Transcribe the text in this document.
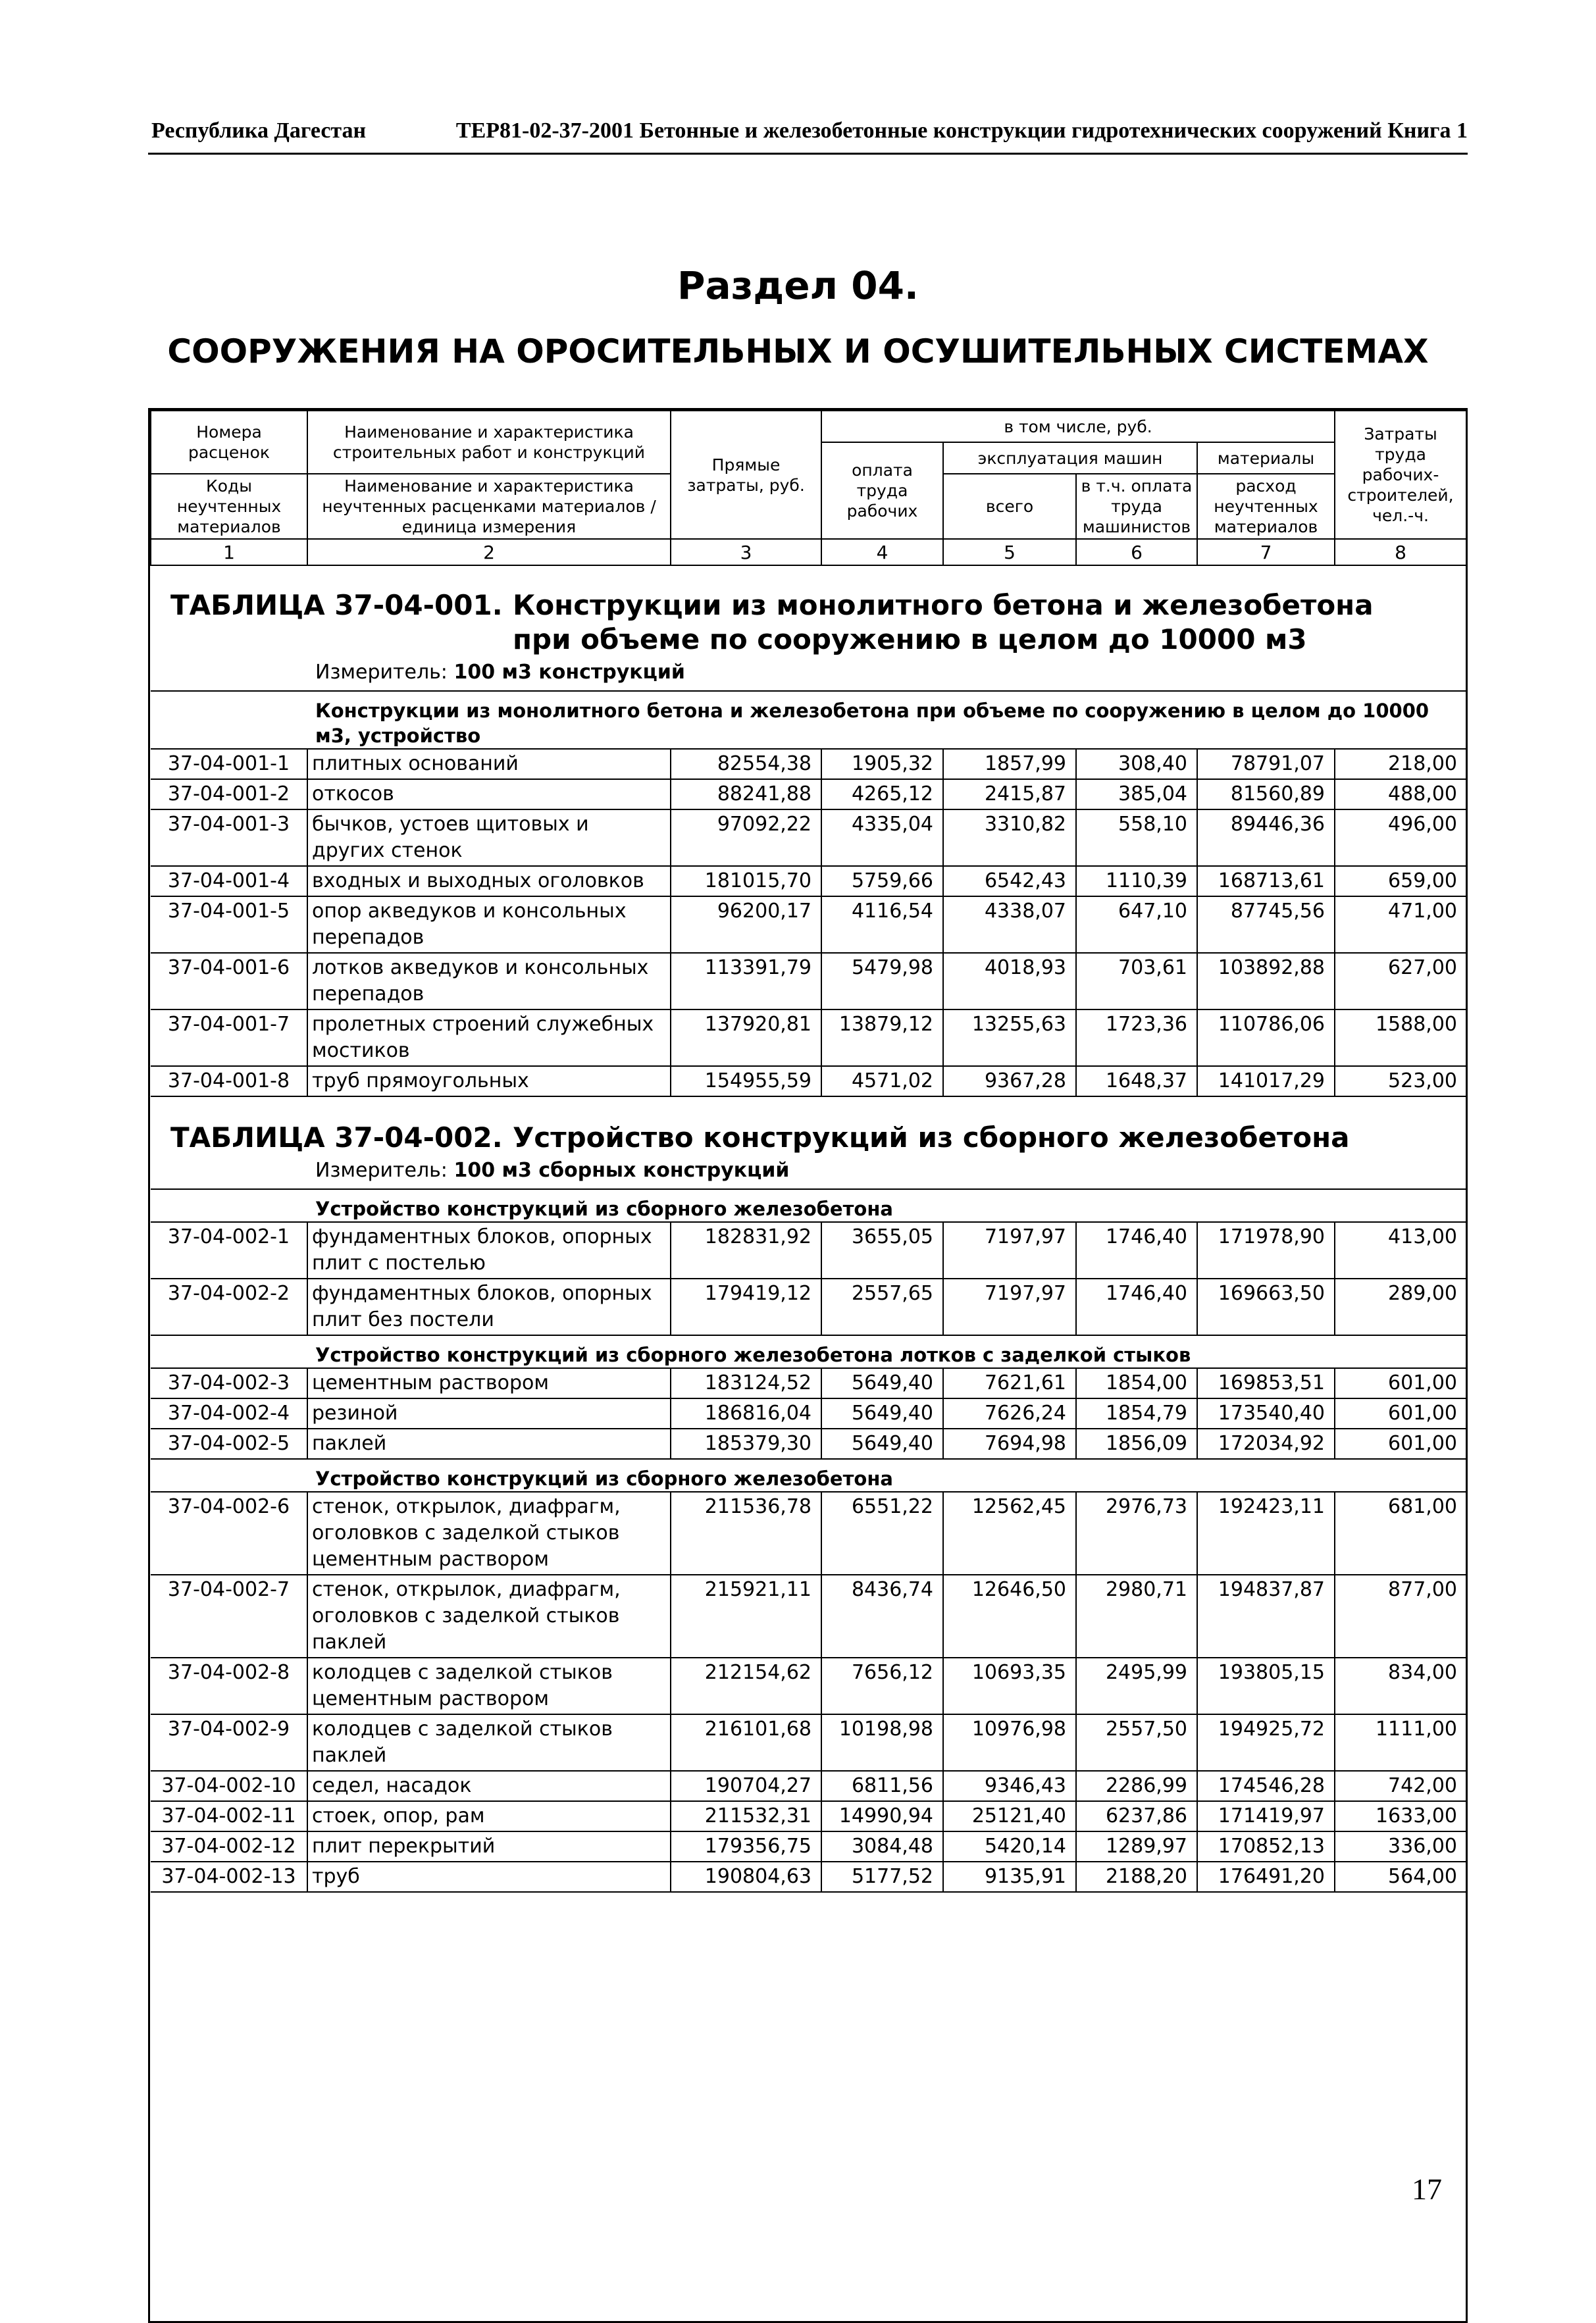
Республика Дагестан	ТЕР81-02-37-2001 Бетонные и железобетонные конструкции гидротехнических сооружений Книга 1
Раздел 04.
СООРУЖЕНИЯ НА ОРОСИТЕЛЬНЫХ И ОСУШИТЕЛЬНЫХ СИСТЕМАХ
Номера расценок	Наименование и характеристика строительных работ и конструкций	Прямые затраты, руб.	в том числе, руб.				Затраты труда рабочих-строителей, чел.-ч.
			оплата труда рабочих	эксплуатация машин		материалы	
Коды неучтенных материалов	Наименование и характеристика неучтенных расценками материалов / единица измерения			всего	в т.ч. оплата труда машинистов	расход неучтенных материалов	

1	2	3	4	5	6	7	8

ТАБЛИЦА 37-04-001. Конструкции из монолитного бетона и железобетона при объеме по сооружению в целом до 10000 м3							

	Измеритель: 100 м3 конструкций						
	Конструкции из монолитного бетона и железобетона при объеме по сооружению в целом до 10000 м3, устройство						
37-04-001-1	плитных оснований	82554,38	1905,32	1857,99	308,40	78791,07	218,00
37-04-001-2	откосов	88241,88	4265,12	2415,87	385,04	81560,89	488,00
37-04-001-3	бычков, устоев щитовых и других стенок	97092,22	4335,04	3310,82	558,10	89446,36	496,00
37-04-001-4	входных и выходных оголовков	181015,70	5759,66	6542,43	1110,39	168713,61	659,00
37-04-001-5	опор акведуков и консольных перепадов	96200,17	4116,54	4338,07	647,10	87745,56	471,00
37-04-001-6	лотков акведуков и консольных перепадов	113391,79	5479,98	4018,93	703,61	103892,88	627,00
37-04-001-7	пролетных строений служебных мостиков	137920,81	13879,12	13255,63	1723,36	110786,06	1588,00
37-04-001-8	труб прямоугольных	154955,59	4571,02	9367,28	1648,37	141017,29	523,00

ТАБЛИЦА 37-04-002. Устройство конструкций из сборного железобетона							

	Измеритель: 100 м3 сборных конструкций						
	Устройство конструкций из сборного железобетона						
37-04-002-1	фундаментных блоков, опорных плит с постелью	182831,92	3655,05	7197,97	1746,40	171978,90	413,00
37-04-002-2	фундаментных блоков, опорных плит без постели	179419,12	2557,65	7197,97	1746,40	169663,50	289,00
	Устройство конструкций из сборного железобетона лотков с заделкой стыков						
37-04-002-3	цементным раствором	183124,52	5649,40	7621,61	1854,00	169853,51	601,00
37-04-002-4	резиной	186816,04	5649,40	7626,24	1854,79	173540,40	601,00
37-04-002-5	паклей	185379,30	5649,40	7694,98	1856,09	172034,92	601,00
	Устройство конструкций из сборного железобетона						
37-04-002-6	стенок, открылок, диафрагм, оголовков с заделкой стыков цементным раствором	211536,78	6551,22	12562,45	2976,73	192423,11	681,00
37-04-002-7	стенок, открылок, диафрагм, оголовков с заделкой стыков паклей	215921,11	8436,74	12646,50	2980,71	194837,87	877,00
37-04-002-8	колодцев с заделкой стыков цементным раствором	212154,62	7656,12	10693,35	2495,99	193805,15	834,00
37-04-002-9	колодцев с заделкой стыков паклей	216101,68	10198,98	10976,98	2557,50	194925,72	1111,00
37-04-002-10	седел, насадок	190704,27	6811,56	9346,43	2286,99	174546,28	742,00
37-04-002-11	стоек, опор, рам	211532,31	14990,94	25121,40	6237,86	171419,97	1633,00
37-04-002-12	плит перекрытий	179356,75	3084,48	5420,14	1289,97	170852,13	336,00
37-04-002-13	труб	190804,63	5177,52	9135,91	2188,20	176491,20	564,00
17
